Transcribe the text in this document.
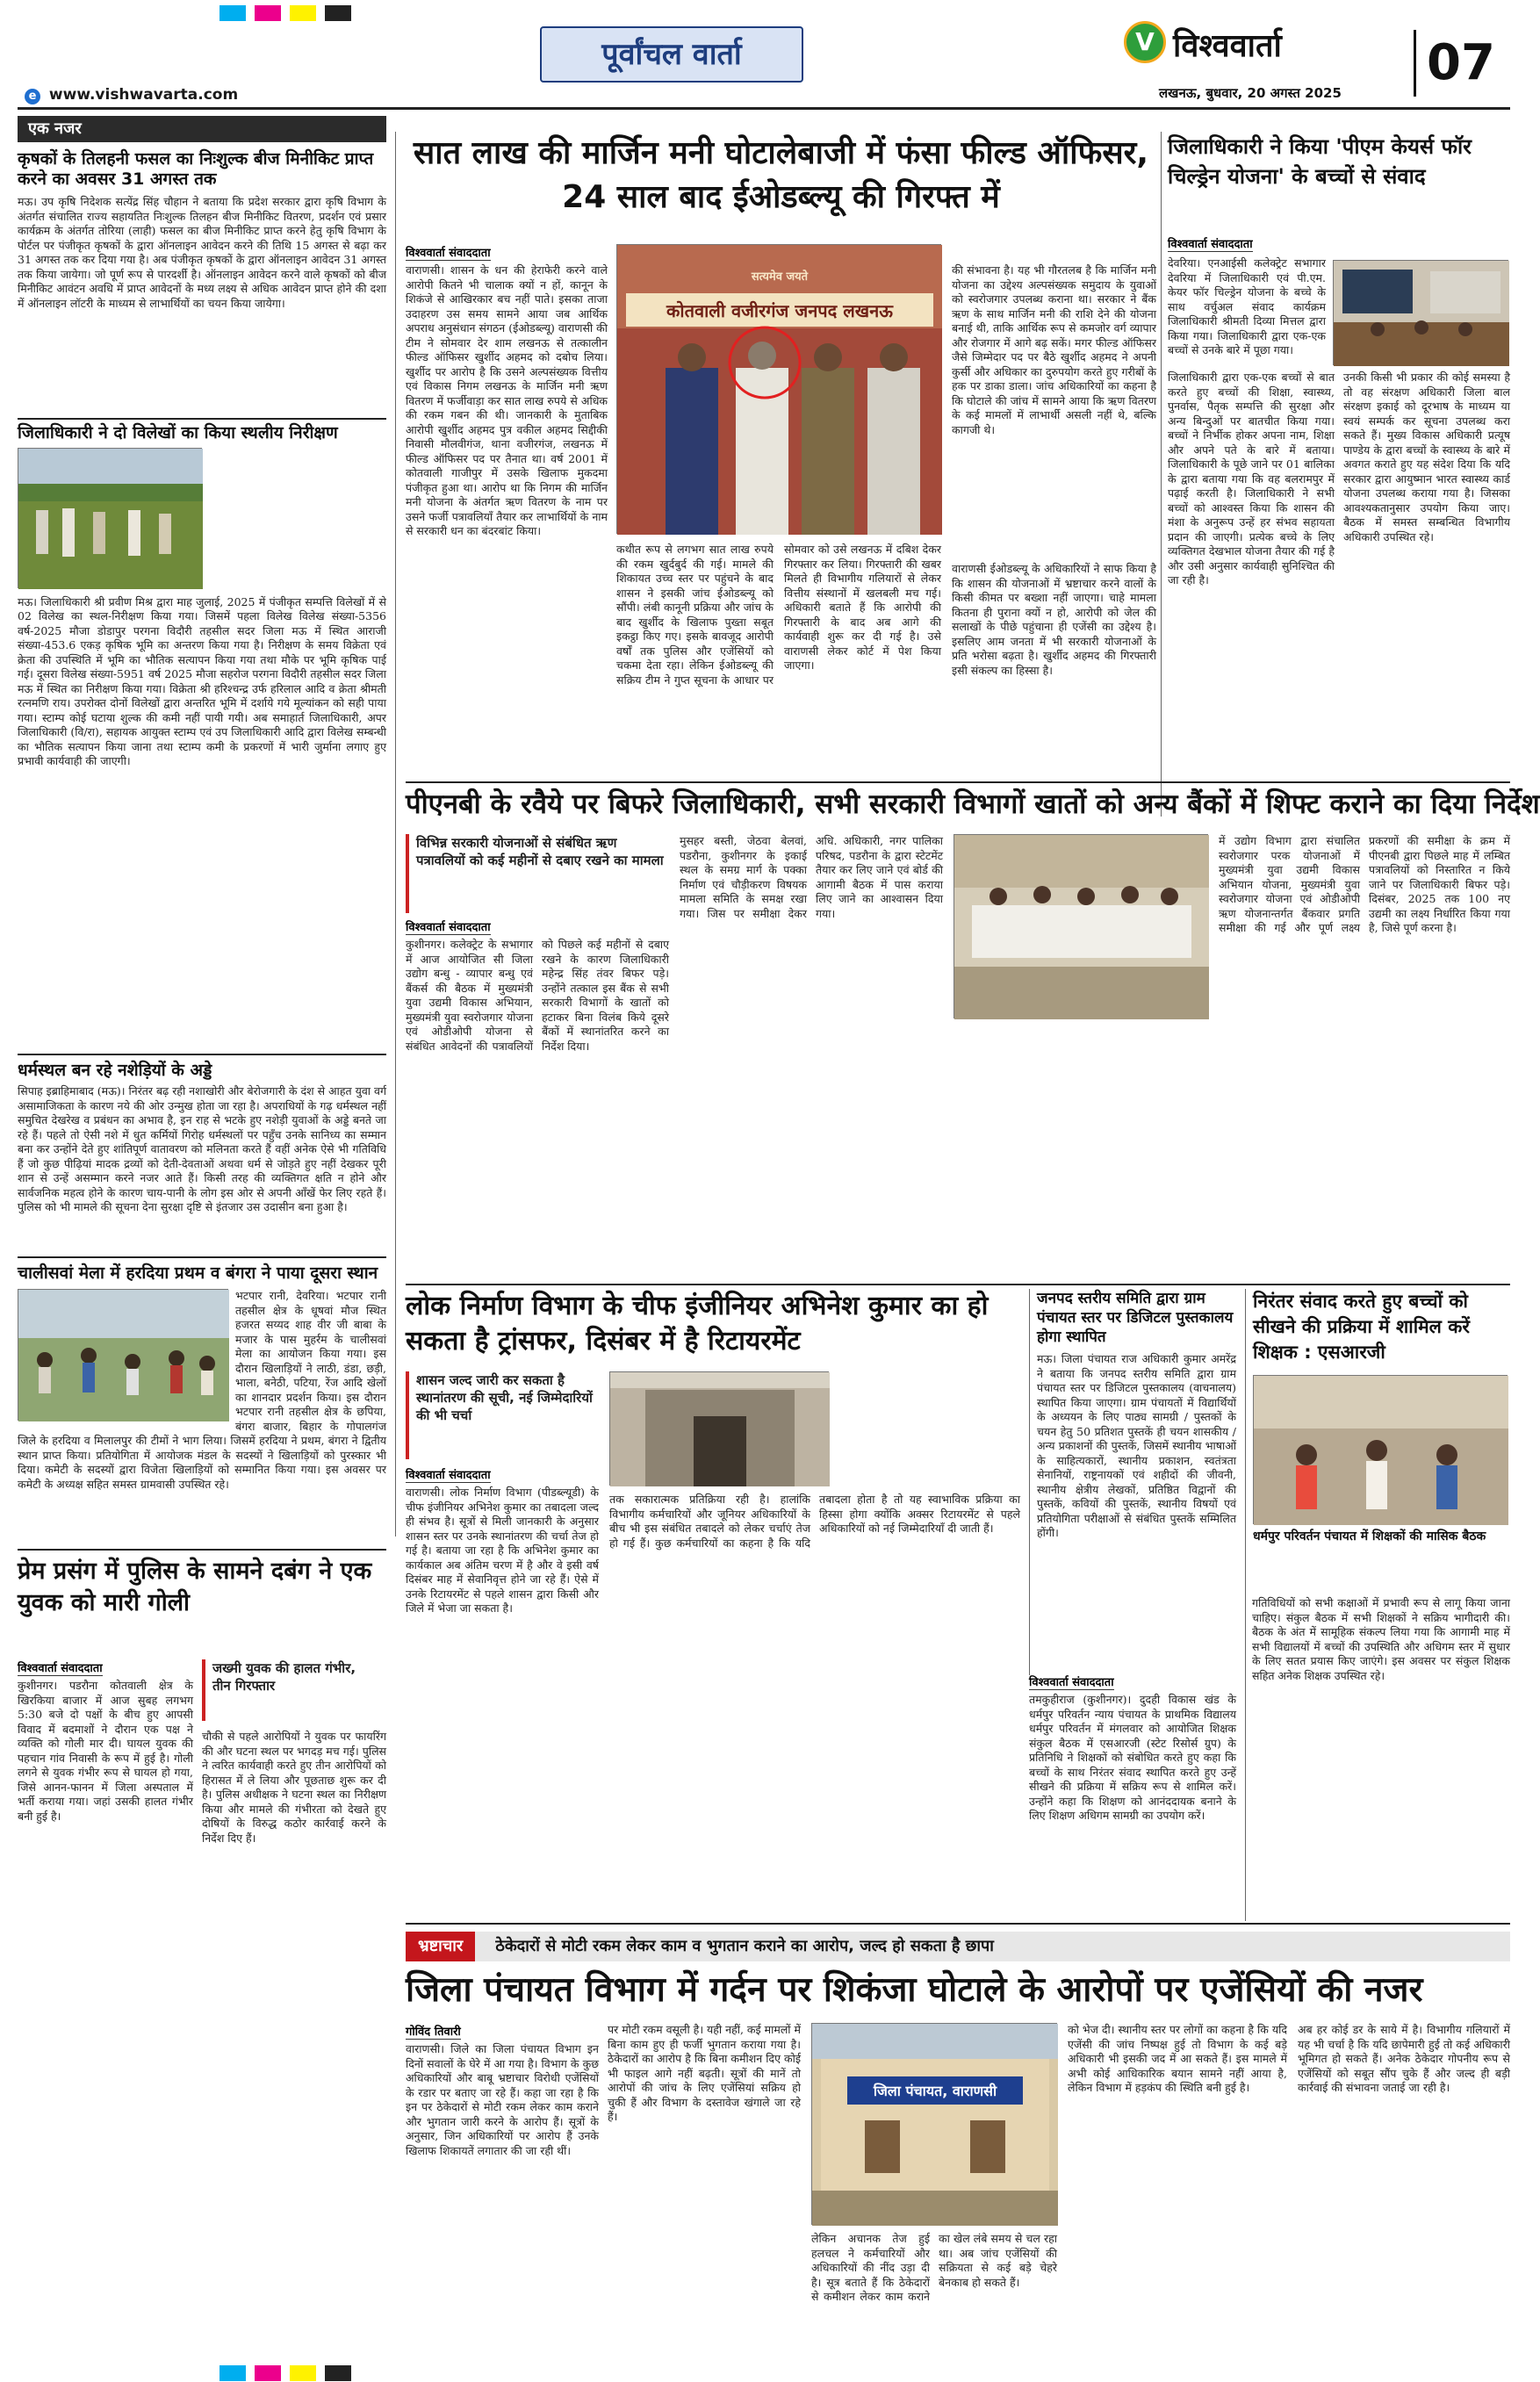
पूर्वांचल वार्ता
e www.vishwavarta.com
V विश्ववार्ता
लखनऊ, बुधवार, 20 अगस्त 2025
07
एक नजर
कृषकों के तिलहनी फसल का निःशुल्क बीज मिनीकिट प्राप्त करने का अवसर 31 अगस्त तक
मऊ। उप कृषि निदेशक सत्येंद्र सिंह चौहान ने बताया कि प्रदेश सरकार द्वारा कृषि विभाग के अंतर्गत संचालित राज्य सहायतित निःशुल्क तिलहन बीज मिनीकिट वितरण, प्रदर्शन एवं प्रसार कार्यक्रम के अंतर्गत तोरिया (लाही) फसल का बीज मिनीकिट प्राप्त करने हेतु कृषि विभाग के पोर्टल पर पंजीकृत कृषकों के द्वारा ऑनलाइन आवेदन करने की तिथि 15 अगस्त से बढ़ा कर 31 अगस्त तक कर दिया गया है। अब पंजीकृत कृषकों के द्वारा ऑनलाइन आवेदन 31 अगस्त तक किया जायेगा। जो पूर्ण रूप से पारदर्शी है। ऑनलाइन आवेदन करने वाले कृषकों को बीज मिनीकिट आवंटन अवधि में प्राप्त आवेदनों के मध्य लक्ष्य से अधिक आवेदन प्राप्त होने की दशा में ऑनलाइन लॉटरी के माध्यम से लाभार्थियों का चयन किया जायेगा।
जिलाधिकारी ने दो विलेखों का किया स्थलीय निरीक्षण
मऊ। जिलाधिकारी श्री प्रवीण मिश्र द्वारा माह जुलाई, 2025 में पंजीकृत सम्पत्ति विलेखों में से 02 विलेख का स्थल-निरीक्षण किया गया। जिसमें पहला विलेख विलेख संख्या-5356 वर्ष-2025 मौजा डोडापुर परगना विदौरी तहसील सदर जिला मऊ में स्थित आराजी संख्या-453.6 एकड़ कृषिक भूमि का अन्तरण किया गया है। निरीक्षण के समय विक्रेता एवं क्रेता की उपस्थिति में भूमि का भौतिक सत्यापन किया गया तथा मौके पर भूमि कृषिक पाई गई। दूसरा विलेख संख्या-5951 वर्ष 2025 मौजा सहरोज परगना विदौरी तहसील सदर जिला मऊ में स्थित का निरीक्षण किया गया। विक्रेता श्री हरिश्चन्द्र उर्फ हरिलाल आदि व क्रेता श्रीमती रत्नमणि राय। उपरोक्त दोनों विलेखों द्वारा अन्तरित भूमि में दर्शाये गये मूल्यांकन को सही पाया गया। स्टाम्प कोई घटाया शुल्क की कमी नहीं पायी गयी। अब समाहार्त जिलाधिकारी, अपर जिलाधिकारी (वि/रा), सहायक आयुक्त स्टाम्प एवं उप जिलाधिकारी आदि द्वारा विलेख सम्बन्धी का भौतिक सत्यापन किया जाना तथा स्टाम्प कमी के प्रकरणों में भारी जुर्माना लगाए हुए प्रभावी कार्यवाही की जाएगी।
धर्मस्थल बन रहे नशेड़ियों के अड्डे
सिपाह इब्राहिमाबाद (मऊ)। निरंतर बढ़ रही नशाखोरी और बेरोजगारी के दंश से आहत युवा वर्ग असामाजिकता के कारण नये की ओर उन्मुख होता जा रहा है। अपराधियों के गढ़ धर्मस्थल नहीं समुचित देखरेख व प्रबंधन का अभाव है, इन राह से भटके हुए नशेड़ी युवाओं के अड्डे बनते जा रहे हैं। पहले तो ऐसी नशे में धुत कर्मियों गिरोह धर्मस्थलों पर पहुँच उनके सानिध्य का सम्मान बना कर उन्होंने देते हुए शांतिपूर्ण वातावरण को मलिनता करते हैं वहीं अनेक ऐसे भी गतिविधि हैं जो कुछ पीढ़ियां मादक द्रव्यों को देती-देवताओं अथवा धर्म से जोड़ते हुए नहीं देखकर पूरी शान से उन्हें असम्मान करने नजर आते हैं। किसी तरह की व्यक्तिगत क्षति न होने और सार्वजनिक महत्व होने के कारण चाय-पानी के लोग इस ओर से अपनी आँखें फेर लिए रहते हैं। पुलिस को भी मामले की सूचना देना सुरक्षा दृष्टि से इंतजार उस उदासीन बना हुआ है।
चालीसवां मेला में हरदिया प्रथम व बंगरा ने पाया दूसरा स्थान
भटपार रानी, देवरिया। भटपार रानी तहसील क्षेत्र के धूषवां मौज स्थित हजरत सय्यद शाह वीर जी बाबा के मजार के पास मुहर्रम के चालीसवां मेला का आयोजन किया गया। इस दौरान खिलाड़ियों ने लाठी, डंडा, छड़ी, भाला, बनेठी, पटिया, रेंज आदि खेलों का शानदार प्रदर्शन किया। इस दौरान भटपार रानी तहसील क्षेत्र के छपिया, बंगरा बाजार, बिहार के गोपालगंज जिले के हरदिया व मिलालपुर की टीमों ने भाग लिया। जिसमें हरदिया ने प्रथम, बंगरा ने द्वितीय स्थान प्राप्त किया। प्रतियोगिता में आयोजक मंडल के सदस्यों ने खिलाड़ियों को पुरस्कार भी दिया। कमेटी के सदस्यों द्वारा विजेता खिलाड़ियों को सम्मानित किया गया। इस अवसर पर कमेटी के अध्यक्ष सहित समस्त ग्रामवासी उपस्थित रहे।
सात लाख की मार्जिन मनी घोटालेबाजी में फंसा फील्ड ऑफिसर, 24 साल बाद ईओडब्ल्यू की गिरफ्त में
विश्ववार्ता संवाददाता
वाराणसी। शासन के धन की हेराफेरी करने वाले आरोपी कितने भी चालाक क्यों न हों, कानून के शिकंजे से आखिरकार बच नहीं पाते। इसका ताजा उदाहरण उस समय सामने आया जब आर्थिक अपराध अनुसंधान संगठन (ईओडब्ल्यू) वाराणसी की टीम ने सोमवार देर शाम लखनऊ से तत्कालीन फील्ड ऑफिसर खुर्शीद अहमद को दबोच लिया। खुर्शीद पर आरोप है कि उसने अल्पसंख्यक वित्तीय एवं विकास निगम लखनऊ के मार्जिन मनी ऋण वितरण में फर्जीवाड़ा कर सात लाख रुपये से अधिक की रकम गबन की थी। जानकारी के मुताबिक आरोपी खुर्शीद अहमद पुत्र वकील अहमद सिद्दीकी निवासी मौलवीगंज, थाना वजीरगंज, लखनऊ में फील्ड ऑफिसर पद पर तैनात था। वर्ष 2001 में कोतवाली गाजीपुर में उसके खिलाफ मुकदमा पंजीकृत हुआ था। आरोप था कि निगम की मार्जिन मनी योजना के अंतर्गत ऋण वितरण के नाम पर उसने फर्जी पत्रावलियाँ तैयार कर लाभार्थियों के नाम से सरकारी धन का बंदरबांट किया।
सत्यमेव जयते
कोतवाली वजीरगंज जनपद लखनऊ
की संभावना है। यह भी गौरतलब है कि मार्जिन मनी योजना का उद्देश्य अल्पसंख्यक समुदाय के युवाओं को स्वरोजगार उपलब्ध कराना था। सरकार ने बैंक ऋण के साथ मार्जिन मनी की राशि देने की योजना बनाई थी, ताकि आर्थिक रूप से कमजोर वर्ग व्यापार और रोजगार में आगे बढ़ सकें। मगर फील्ड ऑफिसर जैसे जिम्मेदार पद पर बैठे खुर्शीद अहमद ने अपनी कुर्सी और अधिकार का दुरुपयोग करते हुए गरीबों के हक पर डाका डाला। जांच अधिकारियों का कहना है कि घोटाले की जांच में सामने आया कि ऋण वितरण के कई मामलों में लाभार्थी असली नहीं थे, बल्कि कागजी थे।
कथीत रूप से लगभग सात लाख रुपये की रकम खुर्दबुर्द की गई। मामले की शिकायत उच्च स्तर पर पहुंचने के बाद शासन ने इसकी जांच ईओडब्ल्यू को सौंपी। लंबी कानूनी प्रक्रिया और जांच के बाद खुर्शीद के खिलाफ पुख्ता सबूत इकट्ठा किए गए। इसके बावजूद आरोपी वर्षों तक पुलिस और एजेंसियों को चकमा देता रहा। लेकिन ईओडब्ल्यू की सक्रिय टीम ने गुप्त सूचना के आधार पर सोमवार को उसे लखनऊ में दबिश देकर गिरफ्तार कर लिया। गिरफ्तारी की खबर मिलते ही विभागीय गलियारों से लेकर वित्तीय संस्थानों में खलबली मच गई। अधिकारी बताते हैं कि आरोपी की गिरफ्तारी के बाद अब आगे की कार्यवाही शुरू कर दी गई है। उसे वाराणसी लेकर कोर्ट में पेश किया जाएगा।
वाराणसी ईओडब्ल्यू के अधिकारियों ने साफ किया है कि शासन की योजनाओं में भ्रष्टाचार करने वालों के किसी कीमत पर बख्शा नहीं जाएगा। चाहे मामला कितना ही पुराना क्यों न हो, आरोपी को जेल की सलाखों के पीछे पहुंचाना ही एजेंसी का उद्देश्य है। इसलिए आम जनता में भी सरकारी योजनाओं के प्रति भरोसा बढ़ता है। खुर्शीद अहमद की गिरफ्तारी इसी संकल्प का हिस्सा है।
जिलाधिकारी ने किया 'पीएम केयर्स फॉर चिल्ड्रेन योजना' के बच्चों से संवाद
विश्ववार्ता संवाददाता
देवरिया। एनआईसी कलेक्ट्रेट सभागार देवरिया में जिलाधिकारी एवं पी.एम. केयर फॉर चिल्ड्रेन योजना के बच्चे के साथ वर्चुअल संवाद कार्यक्रम जिलाधिकारी श्रीमती दिव्या मित्तल द्वारा किया गया। जिलाधिकारी द्वारा एक-एक बच्चों से उनके बारे में पूछा गया।
जिलाधिकारी द्वारा एक-एक बच्चों से बात करते हुए बच्चों की शिक्षा, स्वास्थ्य, पुनर्वास, पैतृक सम्पत्ति की सुरक्षा और अन्य बिन्दुओं पर बातचीत किया गया। बच्चों ने निर्भीक होकर अपना नाम, शिक्षा और अपने पते के बारे में बताया। जिलाधिकारी के पूछे जाने पर 01 बालिका के द्वारा बताया गया कि वह बलरामपुर में पढ़ाई करती है। जिलाधिकारी ने सभी बच्चों को आश्वस्त किया कि शासन की मंशा के अनुरूप उन्हें हर संभव सहायता प्रदान की जाएगी। प्रत्येक बच्चे के लिए व्यक्तिगत देखभाल योजना तैयार की गई है और उसी अनुसार कार्यवाही सुनिश्चित की जा रही है।
उनकी किसी भी प्रकार की कोई समस्या है तो वह संरक्षण अधिकारी जिला बाल संरक्षण इकाई को दूरभाष के माध्यम या स्वयं सम्पर्क कर सूचना उपलब्ध करा सकते हैं। मुख्य विकास अधिकारी प्रत्यूष पाण्डेय के द्वारा बच्चों के स्वास्थ्य के बारे में अवगत कराते हुए यह संदेश दिया कि यदि सरकार द्वारा आयुष्मान भारत स्वास्थ्य कार्ड योजना उपलब्ध कराया गया है। जिसका आवश्यकतानुसार उपयोग किया जाए। बैठक में समस्त सम्बन्धित विभागीय अधिकारी उपस्थित रहे।
पीएनबी के रवैये पर बिफरे जिलाधिकारी, सभी सरकारी विभागों खातों को अन्य बैंकों में शिफ्ट कराने का दिया निर्देश
विभिन्न सरकारी योजनाओं से संबंधित ऋण पत्रावलियों को कई महीनों से दबाए रखने का मामला
विश्ववार्ता संवाददाता
कुशीनगर। कलेक्ट्रेट के सभागार में आज आयोजित सी जिला उद्योग बन्धु - व्यापार बन्धु एवं बैंकर्स की बैठक में मुख्यमंत्री युवा उद्यमी विकास अभियान, मुख्यमंत्री युवा स्वरोजगार योजना एवं ओडीओपी योजना से संबंधित आवेदनों की पत्रावलियों को पिछले कई महीनों से दबाए रखने के कारण जिलाधिकारी महेन्द्र सिंह तंवर बिफर पड़े। उन्होंने तत्काल इस बैंक से सभी सरकारी विभागों के खातों को हटाकर बिना विलंब किये दूसरे बैंकों में स्थानांतरित करने का निर्देश दिया।
मुसहर बस्ती, जेठवा बेलवां, पडरौना, कुशीनगर के इकाई स्थल के समग्र मार्ग के पक्का निर्माण एवं चौड़ीकरण विषयक मामला समिति के समक्ष रखा गया। जिस पर समीक्षा देकर अधि. अधिकारी, नगर पालिका परिषद, पडरौना के द्वारा स्टेटमेंट तैयार कर लिए जाने एवं बोर्ड की आगामी बैठक में पास कराया लिए जाने का आश्वासन दिया गया।
में उद्योग विभाग द्वारा संचालित स्वरोजगार परक योजनाओं में मुख्यमंत्री युवा उद्यमी विकास अभियान योजना, मुख्यमंत्री युवा स्वरोजगार योजना एवं ओडीओपी ऋण योजनान्तर्गत बैंकवार प्रगति समीक्षा की गई और पूर्ण लक्ष्य प्रकरणों की समीक्षा के क्रम में पीएनबी द्वारा पिछले माह में लम्बित पत्रावलियों को निस्तारित न किये जाने पर जिलाधिकारी बिफर पड़े। दिसंबर, 2025 तक 100 नए उद्यमी का लक्ष्य निर्धारित किया गया है, जिसे पूर्ण करना है।
लोक निर्माण विभाग के चीफ इंजीनियर अभिनेश कुमार का हो सकता है ट्रांसफर, दिसंबर में है रिटायरमेंट
शासन जल्द जारी कर सकता है स्थानांतरण की सूची, नई जिम्मेदारियों की भी चर्चा
विश्ववार्ता संवाददाता
वाराणसी। लोक निर्माण विभाग (पीडब्ल्यूडी) के चीफ इंजीनियर अभिनेश कुमार का तबादला जल्द ही संभव है। सूत्रों से मिली जानकारी के अनुसार शासन स्तर पर उनके स्थानांतरण की चर्चा तेज हो गई है। बताया जा रहा है कि अभिनेश कुमार का कार्यकाल अब अंतिम चरण में है और वे इसी वर्ष दिसंबर माह में सेवानिवृत्त होने जा रहे हैं। ऐसे में उनके रिटायरमेंट से पहले शासन द्वारा किसी और जिले में भेजा जा सकता है।
तक सकारात्मक प्रतिक्रिया रही है। हालांकि विभागीय कर्मचारियों और जूनियर अधिकारियों के बीच भी इस संबंधित तबादले को लेकर चर्चाएं तेज हो गई हैं। कुछ कर्मचारियों का कहना है कि यदि तबादला होता है तो यह स्वाभाविक प्रक्रिया का हिस्सा होगा क्योंकि अक्सर रिटायरमेंट से पहले अधिकारियों को नई जिम्मेदारियाँ दी जाती हैं।
जनपद स्तरीय समिति द्वारा ग्राम पंचायत स्तर पर डिजिटल पुस्तकालय होगा स्थापित
मऊ। जिला पंचायत राज अधिकारी कुमार अमरेंद्र ने बताया कि जनपद स्तरीय समिति द्वारा ग्राम पंचायत स्तर पर डिजिटल पुस्तकालय (वाचनालय) स्थापित किया जाएगा। ग्राम पंचायतों में विद्यार्थियों के अध्ययन के लिए पाठ्य सामग्री / पुस्तकों के चयन हेतु 50 प्रतिशत पुस्तकें ही चयन शासकीय / अन्य प्रकाशनों की पुस्तकें, जिसमें स्थानीय भाषाओं के साहित्यकारों, स्थानीय प्रकाशन, स्वतंत्रता सेनानियों, राष्ट्रनायकों एवं शहीदों की जीवनी, स्थानीय क्षेत्रीय लेखकों, प्रतिष्ठित विद्वानों की पुस्तकें, कवियों की पुस्तकें, स्थानीय विषयों एवं प्रतियोगिता परीक्षाओं से संबंधित पुस्तकें सम्मिलित होंगी।
निरंतर संवाद करते हुए बच्चों को सीखने की प्रक्रिया में शामिल करें शिक्षक : एसआरजी
धर्मपुर परिवर्तन पंचायत में शिक्षकों की मासिक बैठक
विश्ववार्ता संवाददाता
तमकुहीराज (कुशीनगर)। दुदही विकास खंड के धर्मपुर परिवर्तन न्याय पंचायत के प्राथमिक विद्यालय धर्मपुर परिवर्तन में मंगलवार को आयोजित शिक्षक संकुल बैठक में एसआरजी (स्टेट रिसोर्स ग्रुप) के प्रतिनिधि ने शिक्षकों को संबोधित करते हुए कहा कि बच्चों के साथ निरंतर संवाद स्थापित करते हुए उन्हें सीखने की प्रक्रिया में सक्रिय रूप से शामिल करें। उन्होंने कहा कि शिक्षण को आनंददायक बनाने के लिए शिक्षण अधिगम सामग्री का उपयोग करें।
गतिविधियों को सभी कक्षाओं में प्रभावी रूप से लागू किया जाना चाहिए। संकुल बैठक में सभी शिक्षकों ने सक्रिय भागीदारी की। बैठक के अंत में सामूहिक संकल्प लिया गया कि आगामी माह में सभी विद्यालयों में बच्चों की उपस्थिति और अधिगम स्तर में सुधार के लिए सतत प्रयास किए जाएंगे। इस अवसर पर संकुल शिक्षक सहित अनेक शिक्षक उपस्थित रहे।
प्रेम प्रसंग में पुलिस के सामने दबंग ने एक युवक को मारी गोली
विश्ववार्ता संवाददाता
कुशीनगर। पडरौना कोतवाली क्षेत्र के खिरकिया बाजार में आज सुबह लगभग 5:30 बजे दो पक्षों के बीच हुए आपसी विवाद में बदमाशों ने दौरान एक पक्ष ने व्यक्ति को गोली मार दी। घायल युवक की पहचान गांव निवासी के रूप में हुई है। गोली लगने से युवक गंभीर रूप से घायल हो गया, जिसे आनन-फानन में जिला अस्पताल में भर्ती कराया गया। जहां उसकी हालत गंभीर बनी हुई है।
जख्मी युवक की हालत गंभीर, तीन गिरफ्तार
चौकी से पहले आरोपियों ने युवक पर फायरिंग की और घटना स्थल पर भगदड़ मच गई। पुलिस ने त्वरित कार्यवाही करते हुए तीन आरोपियों को हिरासत में ले लिया और पूछताछ शुरू कर दी है। पुलिस अधीक्षक ने घटना स्थल का निरीक्षण किया और मामले की गंभीरता को देखते हुए दोषियों के विरुद्ध कठोर कार्रवाई करने के निर्देश दिए हैं।
भ्रष्टाचार ठेकेदारों से मोटी रकम लेकर काम व भुगतान कराने का आरोप, जल्द हो सकता है छापा
जिला पंचायत विभाग में गर्दन पर शिकंजा घोटाले के आरोपों पर एजेंसियों की नजर
गोविंद तिवारी
वाराणसी। जिले का जिला पंचायत विभाग इन दिनों सवालों के घेरे में आ गया है। विभाग के कुछ अधिकारियों और बाबू भ्रष्टाचार विरोधी एजेंसियों के रडार पर बताए जा रहे हैं। कहा जा रहा है कि इन पर ठेकेदारों से मोटी रकम लेकर काम कराने और भुगतान जारी करने के आरोप हैं। सूत्रों के अनुसार, जिन अधिकारियों पर आरोप हैं उनके खिलाफ शिकायतें लगातार की जा रही थीं।
पर मोटी रकम वसूली है। यही नहीं, कई मामलों में बिना काम हुए ही फर्जी भुगतान कराया गया है। ठेकेदारों का आरोप है कि बिना कमीशन दिए कोई भी फाइल आगे नहीं बढ़ती। सूत्रों की मानें तो आरोपों की जांच के लिए एजेंसियां सक्रिय हो चुकी हैं और विभाग के दस्तावेज खंगाले जा रहे हैं।
जिला पंचायत, वाराणसी
लेकिन अचानक तेज हुई हलचल ने कर्मचारियों और अधिकारियों की नींद उड़ा दी है। सूत्र बताते हैं कि ठेकेदारों से कमीशन लेकर काम कराने का खेल लंबे समय से चल रहा था। अब जांच एजेंसियों की सक्रियता से कई बड़े चेहरे बेनकाब हो सकते हैं।
को भेज दी। स्थानीय स्तर पर लोगों का कहना है कि यदि एजेंसी की जांच निष्पक्ष हुई तो विभाग के कई बड़े अधिकारी भी इसकी जद में आ सकते हैं। इस मामले में अभी कोई आधिकारिक बयान सामने नहीं आया है, लेकिन विभाग में हड़कंप की स्थिति बनी हुई है।
अब हर कोई डर के साये में है। विभागीय गलियारों में यह भी चर्चा है कि यदि छापेमारी हुई तो कई अधिकारी भूमिगत हो सकते हैं। अनेक ठेकेदार गोपनीय रूप से एजेंसियों को सबूत सौंप चुके हैं और जल्द ही बड़ी कार्रवाई की संभावना जताई जा रही है।
